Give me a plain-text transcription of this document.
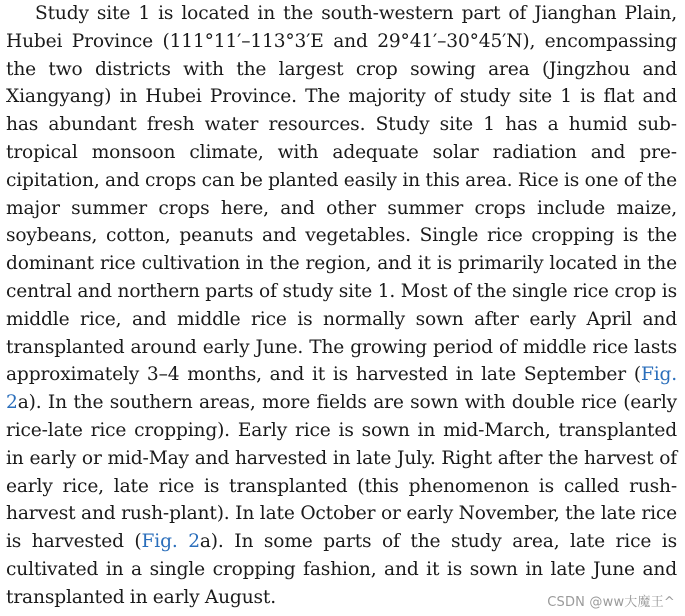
Study site 1 is located in the south-western part of Jianghan Plain, Hubei Province (111°11′–113°3′E and 29°41′–30°45′N), encompassing the two districts with the largest crop sowing area (Jingzhou and Xiangyang) in Hubei Province. The majority of study site 1 is flat and has abundant fresh water resources. Study site 1 has a humid subtropical monsoon climate, with adequate solar radiation and precipitation, and crops can be planted easily in this area. Rice is one of the major summer crops here, and other summer crops include maize, soybeans, cotton, peanuts and vegetables. Single rice cropping is the dominant rice cultivation in the region, and it is primarily located in the central and northern parts of study site 1. Most of the single rice crop is middle rice, and middle rice is normally sown after early April and transplanted around early June. The growing period of middle rice lasts approximately 3–4 months, and it is harvested in late September (Fig. 2a). In the southern areas, more fields are sown with double rice (early rice-late rice cropping). Early rice is sown in mid-March, transplanted in early or mid-May and harvested in late July. Right after the harvest of early rice, late rice is transplanted (this phenomenon is called rush-harvest and rush-plant). In late October or early November, the late rice is harvested (Fig. 2a). In some parts of the study area, late rice is cultivated in a single cropping fashion, and it is sown in late June and transplanted in early August.	CSDN @ww大魔王^
